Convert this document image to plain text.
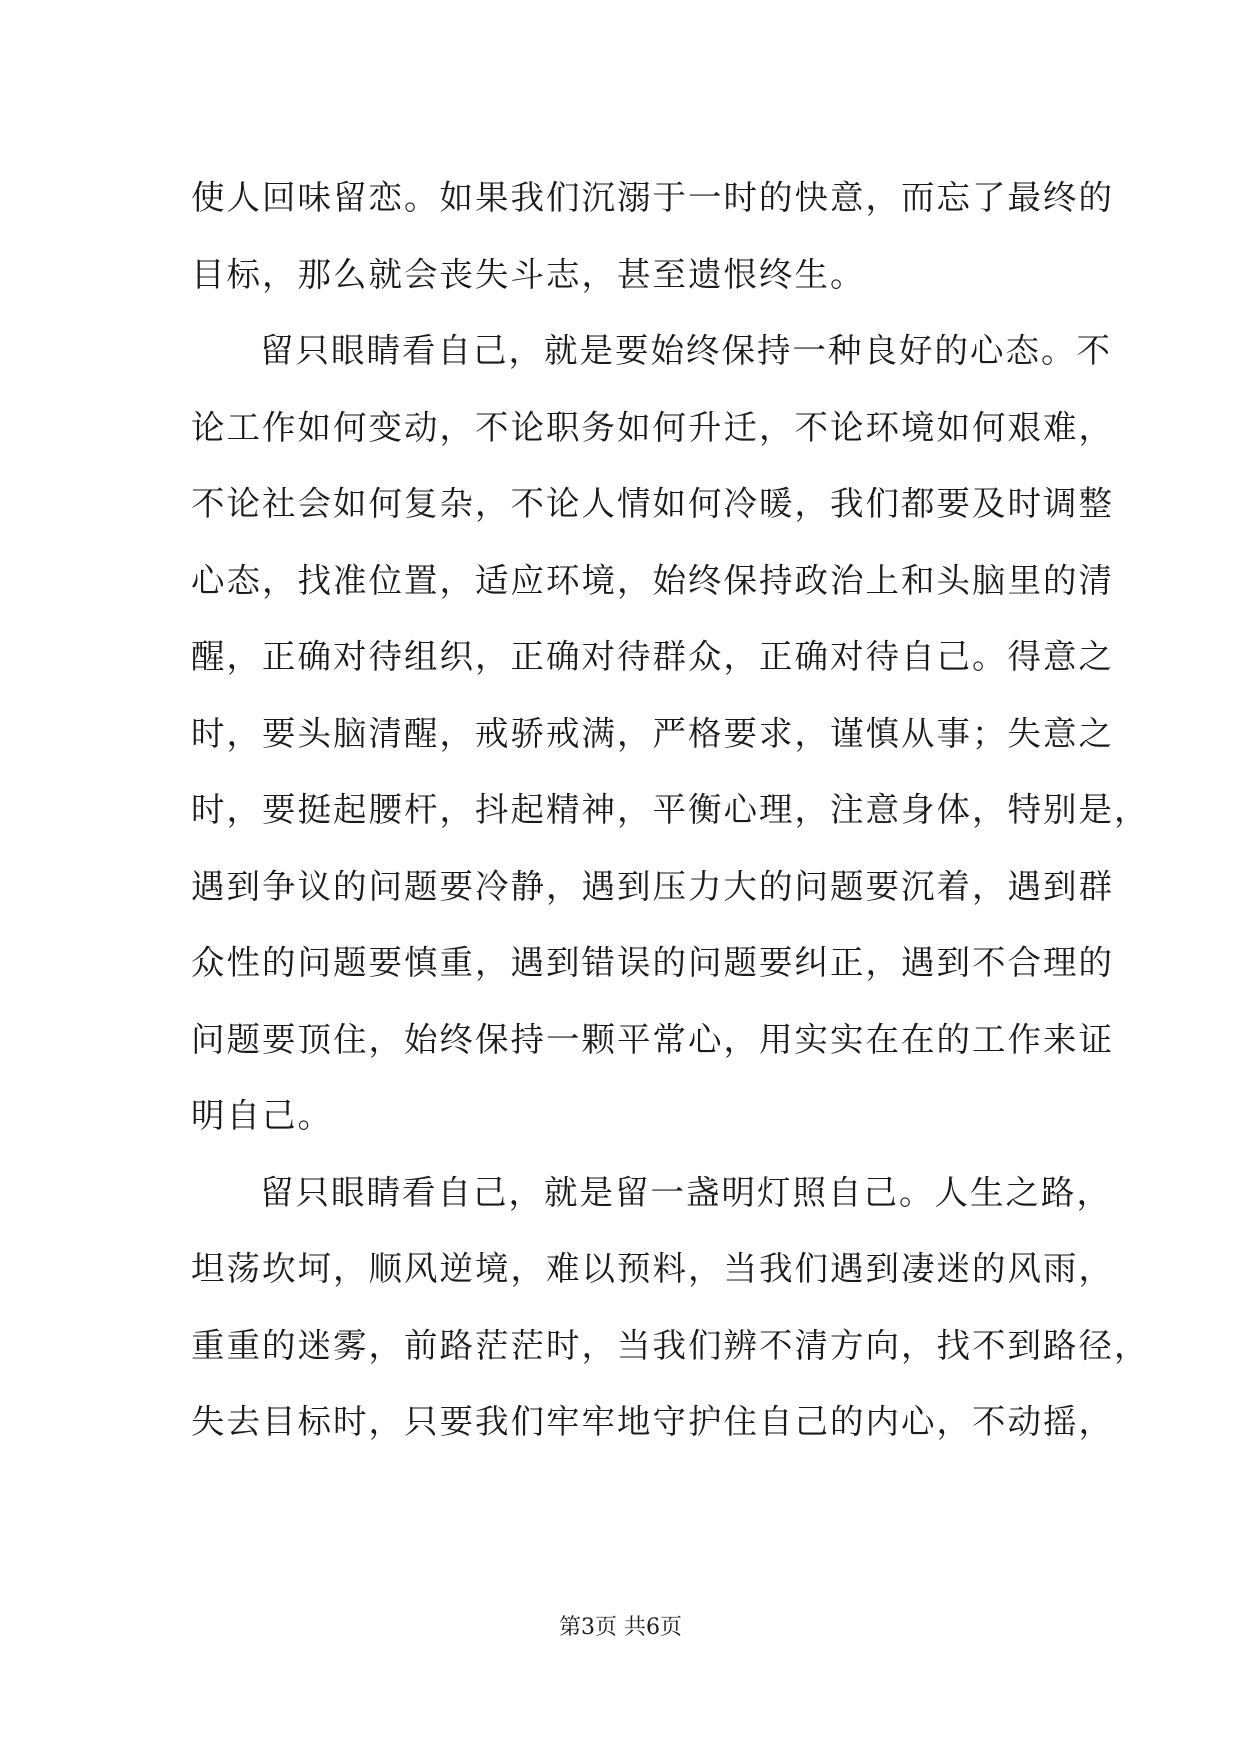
使人回味留恋。如果我们沉溺于一时的快意，而忘了最终的
目标，那么就会丧失斗志，甚至遗恨终生。
留只眼睛看自己，就是要始终保持一种良好的心态。不
论工作如何变动，不论职务如何升迁，不论环境如何艰难，
不论社会如何复杂，不论人情如何冷暖，我们都要及时调整
心态，找准位置，适应环境，始终保持政治上和头脑里的清
醒，正确对待组织，正确对待群众，正确对待自己。得意之
时，要头脑清醒，戒骄戒满，严格要求，谨慎从事；失意之
时，要挺起腰杆，抖起精神，平衡心理，注意身体，特别是，
遇到争议的问题要冷静，遇到压力大的问题要沉着，遇到群
众性的问题要慎重，遇到错误的问题要纠正，遇到不合理的
问题要顶住，始终保持一颗平常心，用实实在在的工作来证
明自己。
留只眼睛看自己，就是留一盏明灯照自己。人生之路，
坦荡坎坷，顺风逆境，难以预料，当我们遇到凄迷的风雨，
重重的迷雾，前路茫茫时，当我们辨不清方向，找不到路径，
失去目标时，只要我们牢牢地守护住自己的内心，不动摇，
第3页 共6页
